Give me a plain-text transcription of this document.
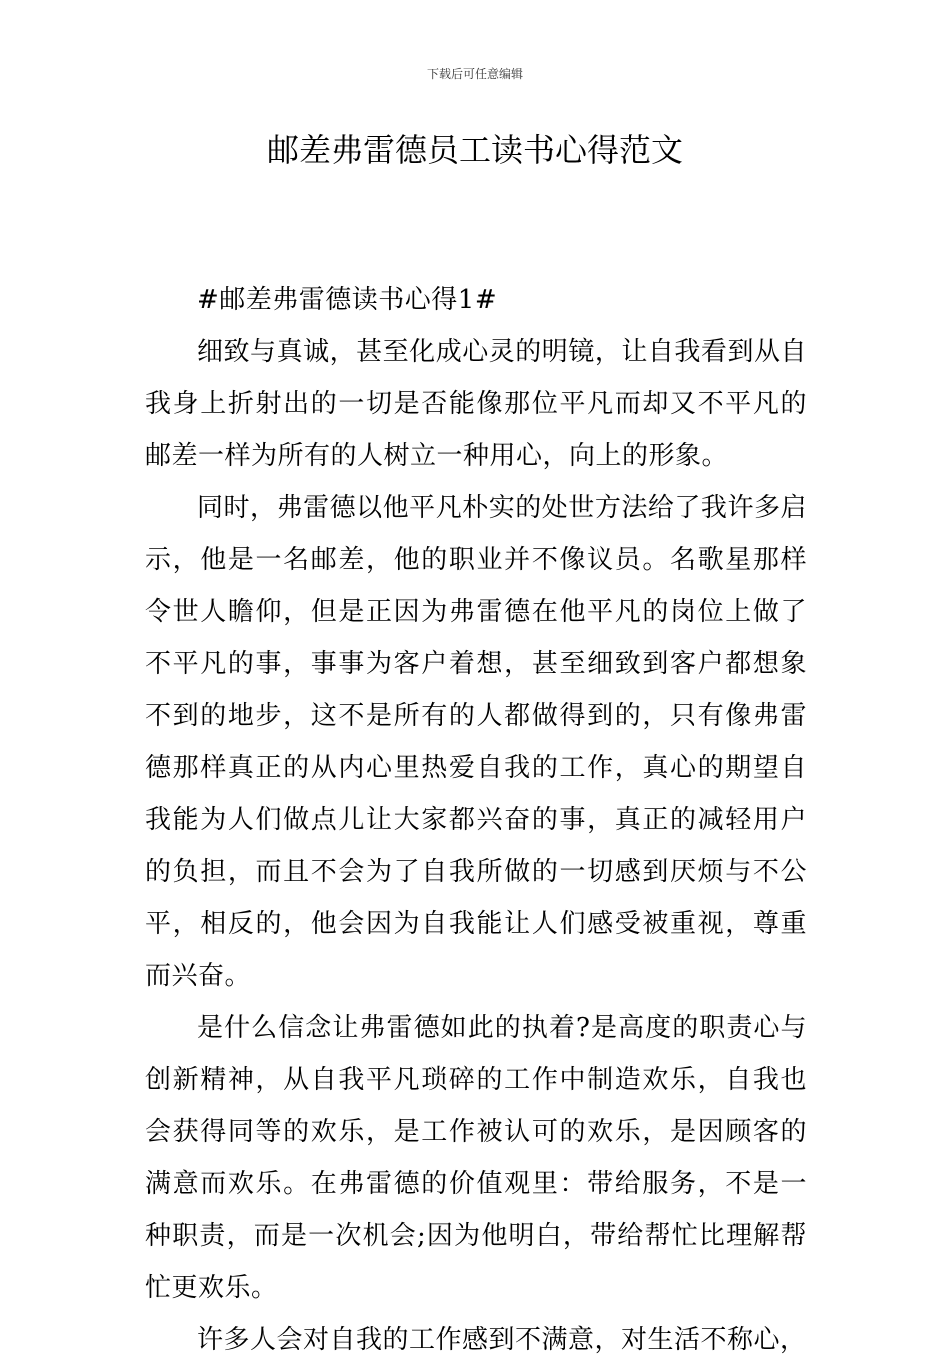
下载后可任意编辑
邮差弗雷德员工读书心得范文

#邮差弗雷德读书心得1#

细致与真诚，甚至化成心灵的明镜，让自我看到从自我身上折射出的一切是否能像那位平凡而却又不平凡的邮差一样为所有的人树立一种用心，向上的形象。

同时，弗雷德以他平凡朴实的处世方法给了我许多启示，他是一名邮差，他的职业并不像议员。名歌星那样令世人瞻仰，但是正因为弗雷德在他平凡的岗位上做了不平凡的事，事事为客户着想，甚至细致到客户都想象不到的地步，这不是所有的人都做得到的，只有像弗雷德那样真正的从内心里热爱自我的工作，真心的期望自我能为人们做点儿让大家都兴奋的事，真正的减轻用户的负担，而且不会为了自我所做的一切感到厌烦与不公平，相反的，他会因为自我能让人们感受被重视，尊重而兴奋。

是什么信念让弗雷德如此的执着?是高度的职责心与创新精神，从自我平凡琐碎的工作中制造欢乐，自我也会获得同等的欢乐，是工作被认可的欢乐，是因顾客的满意而欢乐。在弗雷德的价值观里：带给服务，不是一种职责，而是一次机会;因为他明白，带给帮忙比理解帮忙更欢乐。

许多人会对自我的工作感到不满意，对生活不称心，
